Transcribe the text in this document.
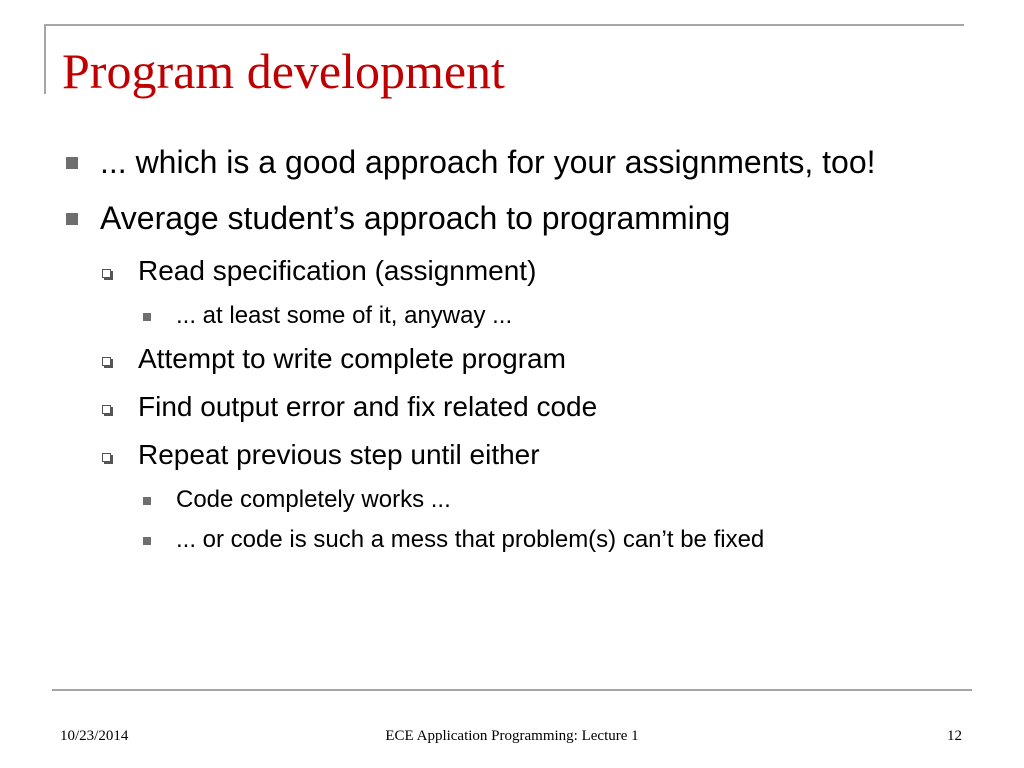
Program development
... which is a good approach for your assignments, too!
Average student’s approach to programming
Read specification (assignment)
... at least some of it, anyway ...
Attempt to write complete program
Find output error and fix related code
Repeat previous step until either
Code completely works ...
... or code is such a mess that problem(s) can’t be fixed
10/23/2014	ECE Application Programming: Lecture 1	12
